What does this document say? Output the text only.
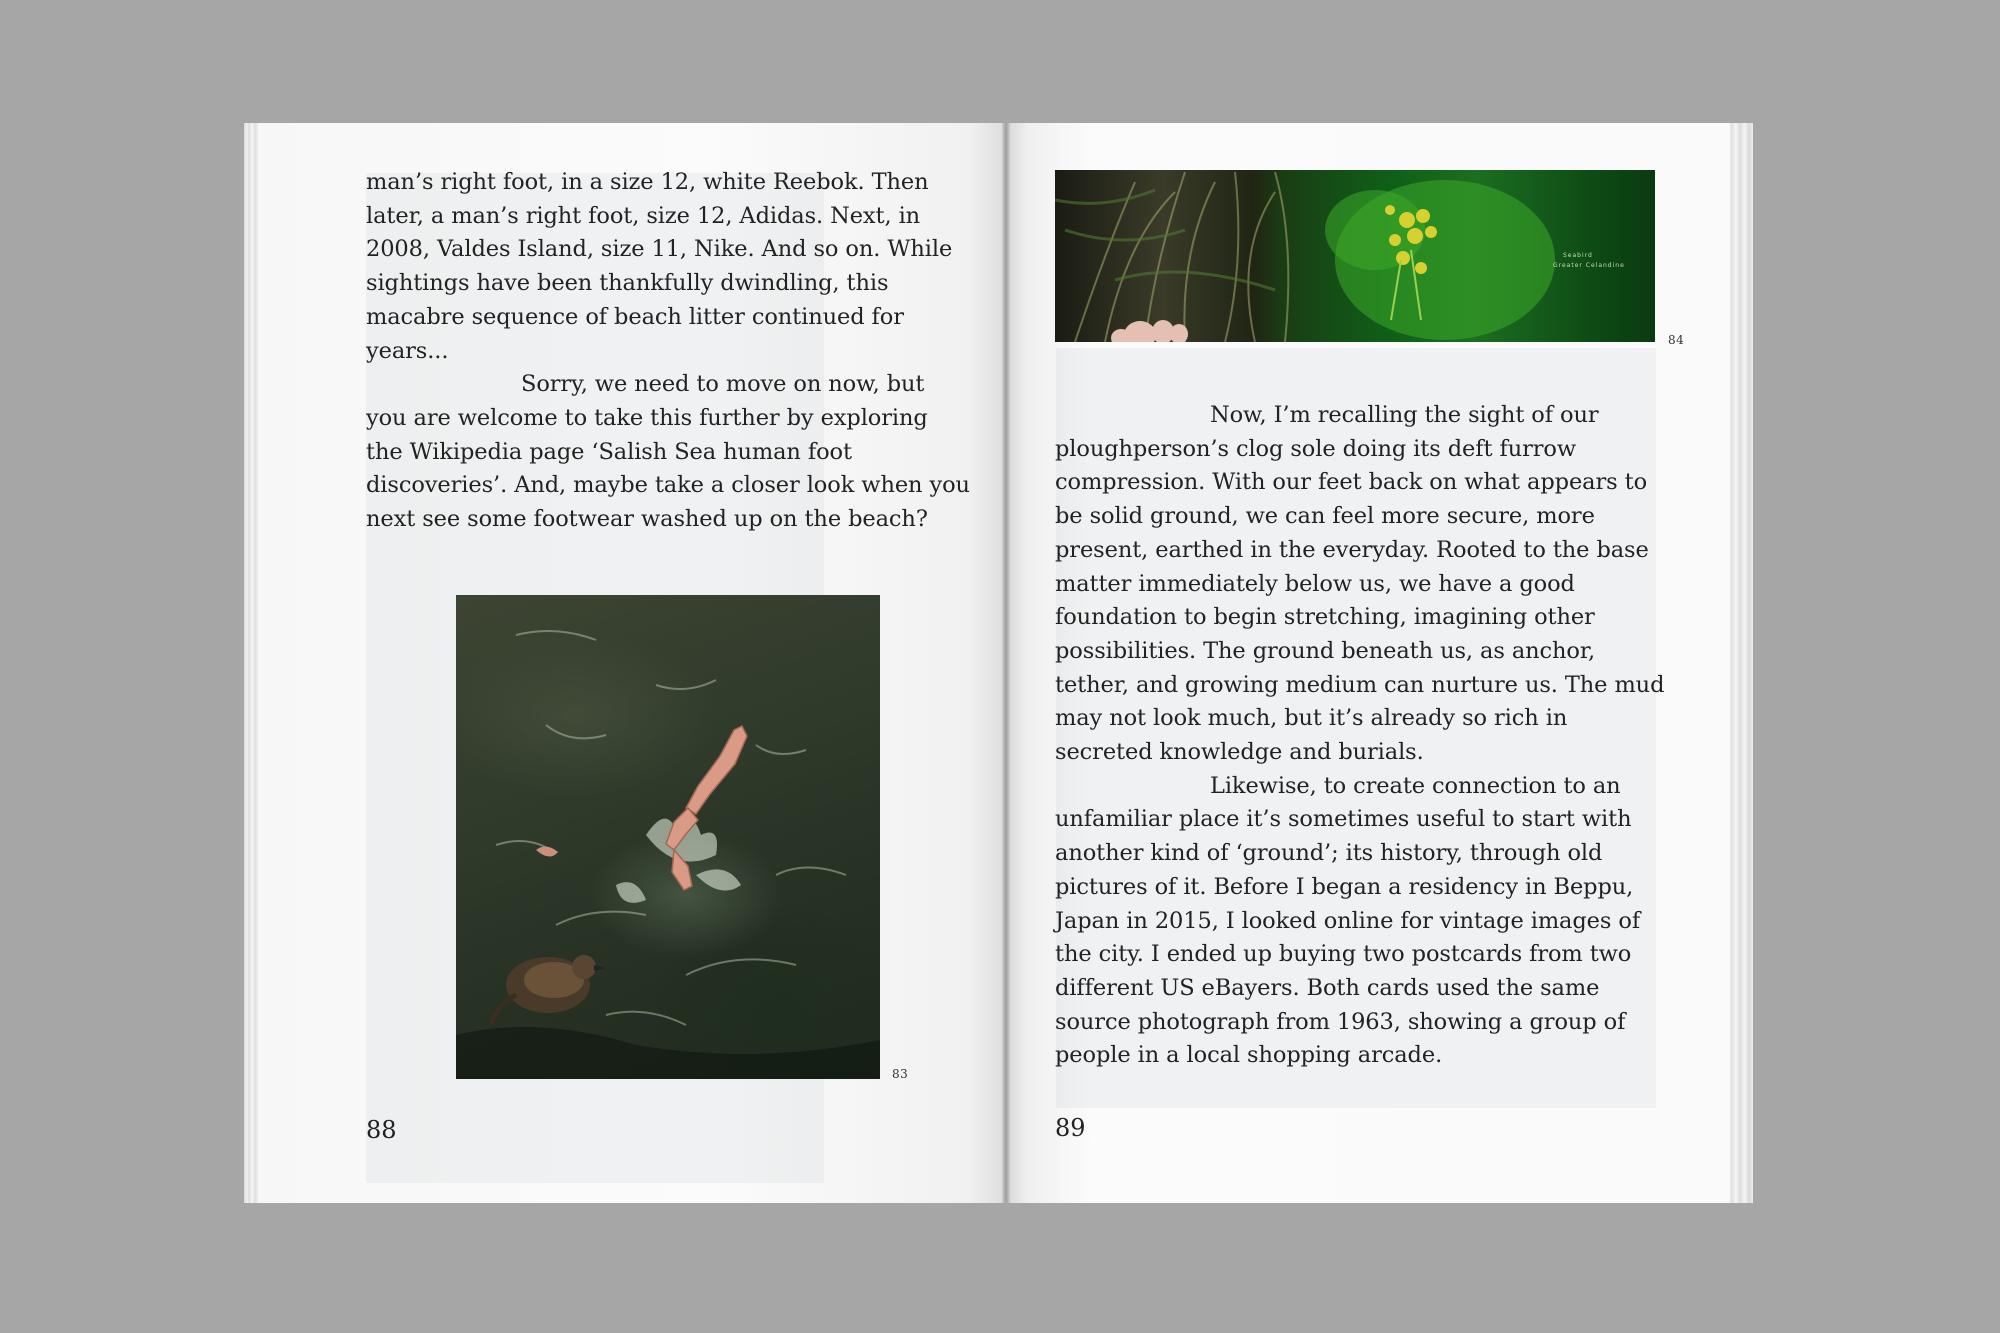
man’s right foot, in a size 12, white Reebok. Then later, a man’s right foot, size 12, Adidas. Next, in 2008, Valdes Island, size 11, Nike. And so on. While sightings have been thankfully dwindling, this macabre sequence of beach litter continued for years...

Sorry, we need to move on now, but you are welcome to take this further by exploring the Wikipedia page ‘Salish Sea human foot discoveries’. And, maybe take a closer look when you next see some footwear washed up on the beach?

83
88
Seabird
Greater Celandine
84

Now, I’m recalling the sight of our ploughperson’s clog sole doing its deft furrow compression. With our feet back on what appears to be solid ground, we can feel more secure, more present, earthed in the everyday. Rooted to the base matter immediately below us, we have a good foundation to begin stretching, imagining other possibilities. The ground beneath us, as anchor, tether, and growing medium can nurture us. The mud may not look much, but it’s already so rich in secreted knowledge and burials.

Likewise, to create connection to an unfamiliar place it’s sometimes useful to start with another kind of ‘ground’; its history, through old pictures of it. Before I began a residency in Beppu, Japan in 2015, I looked online for vintage images of the city. I ended up buying two postcards from two different US eBayers. Both cards used the same source photograph from 1963, showing a group of people in a local shopping arcade.

89
